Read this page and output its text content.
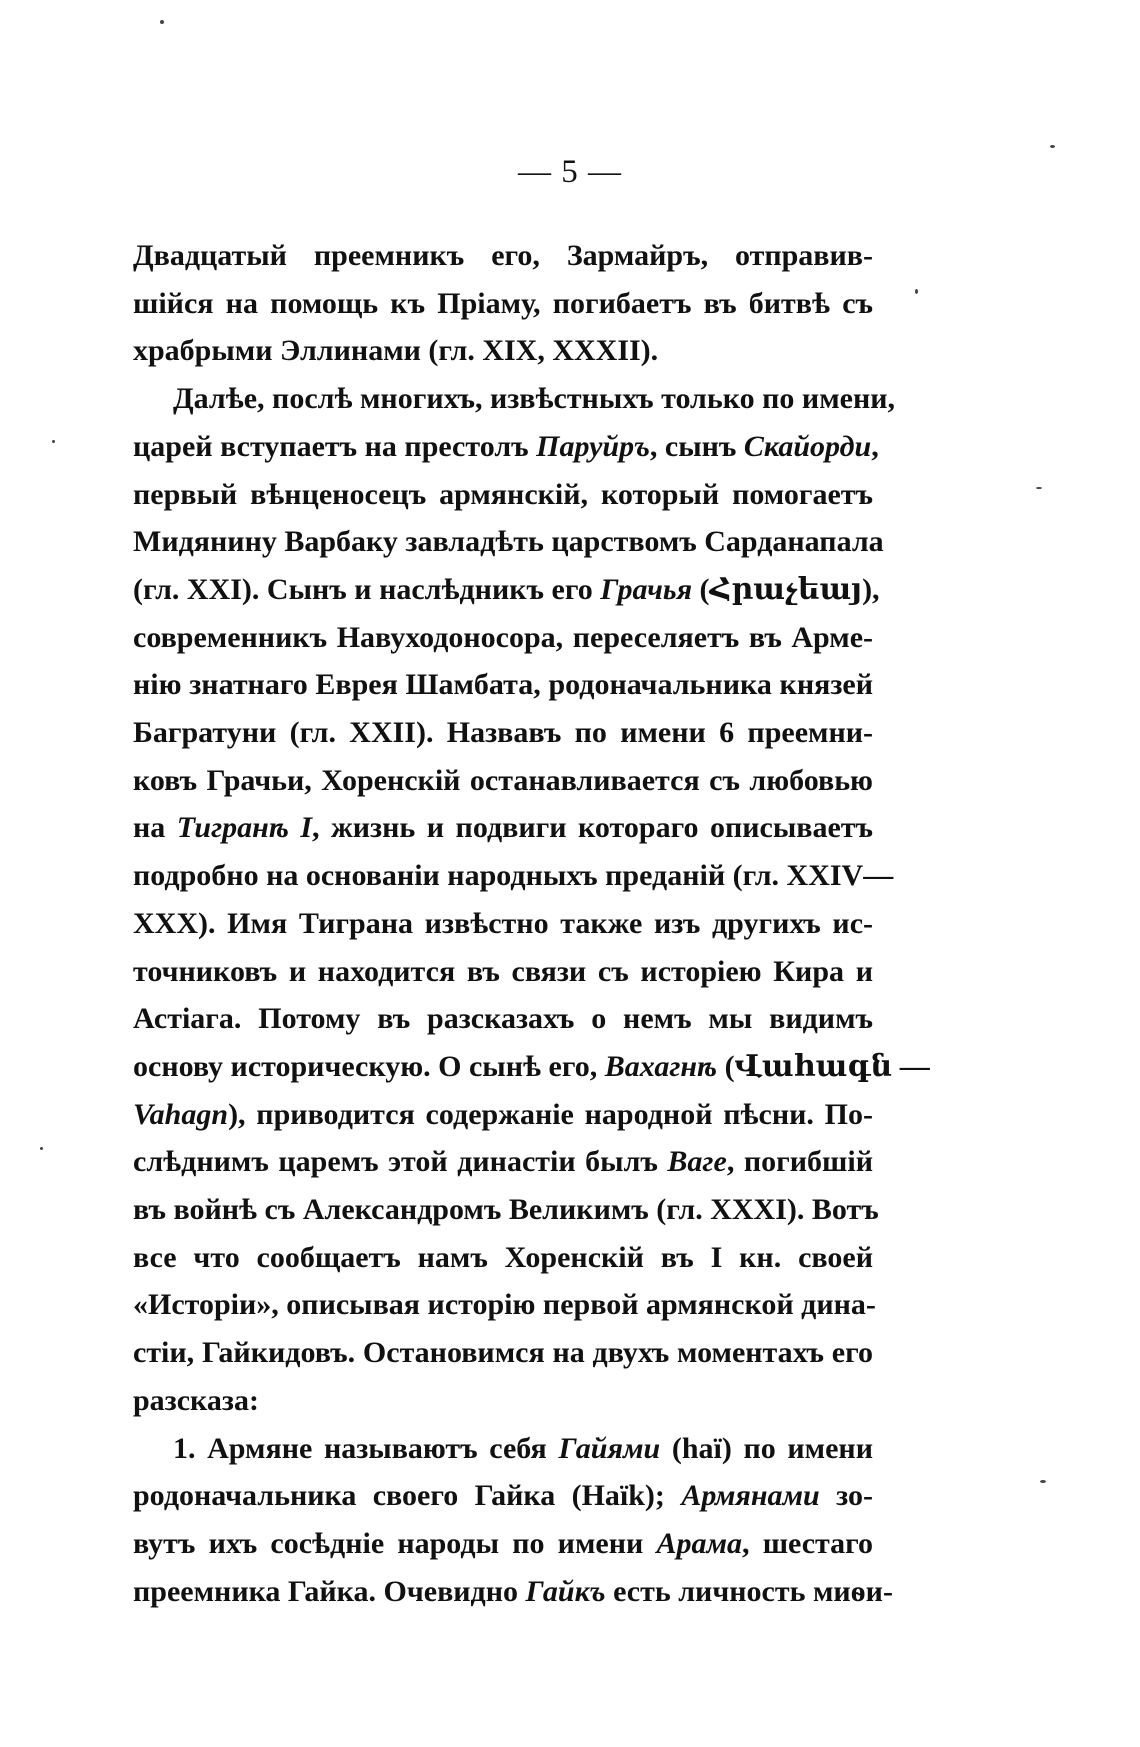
— 5 —

Двадцатый преемникъ его, Зармайръ, отправив-
шійся на помощь къ Пріаму, погибаетъ въ битвѣ съ
храбрыми Эллинами (гл. XIX, XXXII).

Далѣе, послѣ многихъ, извѣстныхъ только по имени,
царей вступаетъ на престолъ Паруйръ, сынъ Скайорди,
первый вѣнценосецъ армянскій, который помогаетъ
Мидянину Варбаку завладѣть царствомъ Сарданапала
(гл. XXI). Сынъ и наслѣдникъ его Грачья (Հրաչեայ),
современникъ Навуходоносора, переселяетъ въ Арме-
нію знатнаго Еврея Шамбата, родоначальника князей
Багратуни (гл. XXII). Назвавъ по имени 6 преемни-
ковъ Грачьи, Хоренскій останавливается съ любовью
на Тигранѣ I, жизнь и подвиги котораго описываетъ
подробно на основаніи народныхъ преданій (гл. XXIV—
XXX). Имя Тиграна извѣстно также изъ другихъ ис-
точниковъ и находится въ связи съ исторіею Кира и
Астіага. Потому въ разсказахъ о немъ мы видимъ
основу историческую. О сынѣ его, Вахагнѣ (Վահագն —
Vahagn), приводится содержаніе народной пѣсни. По-
слѣднимъ царемъ этой династіи былъ Ваге, погибшій
въ войнѣ съ Александромъ Великимъ (гл. XXXI). Вотъ
все что сообщаетъ намъ Хоренскій въ I кн. своей
«Исторіи», описывая исторію первой армянской дина-
стіи, Гайкидовъ. Остановимся на двухъ моментахъ его
разсказа:

1. Армяне называютъ себя Гайями (haï) по имени
родоначальника своего Гайка (Haïk); Армянами зо-
вутъ ихъ сосѣдніе народы по имени Арама, шестаго
преемника Гайка. Очевидно Гайкъ есть личность миѳи-
